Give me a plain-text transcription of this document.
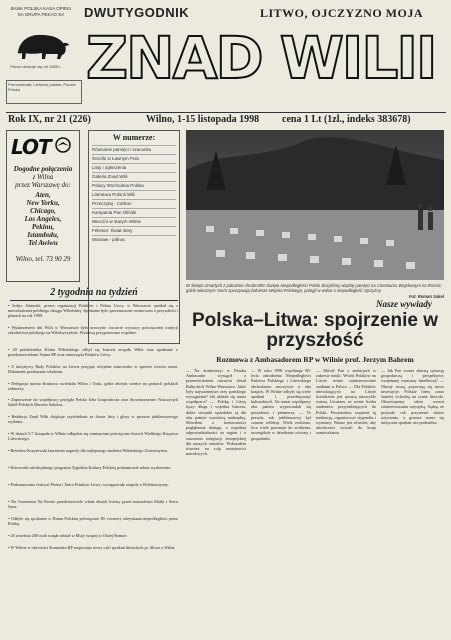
BANK POLSKA KASA OPIEKI SA GRUPA PEKAO SA
Pismo ukazuje się od 1989 r.
Prenumerata: Lietuvos paštas; Poczta Polska
DWUTYGODNIK	LITWO, OJCZYZNO MOJA
ZNAD WILII
Rok IX, nr 21 (226)	Wilno, 1-15 listopada 1998 cena 1 Lt (1zl., indeks 383678)
LOT
Dogodne połączenia
z Wilna
przez Warszawę do:
Aten,
New Yorku,
Chicago,
Los Angeles,
Pekinu,
Istambułu,
Tel Awiwu
Wilno, tel. 73 90 29
W numerze:
Równanie pamięci i szacunku
Ścieżki w Ławnym Polu
Listy i ogłoszenia
Galeria Znad Wilii
Polacy Wschodnia Polska
Literatura Polonii Wilii
Przeczytaj - Carbon
Kampania Pan Gliński
Wieczór w starym Wilnie
Felieton: Świat stary
Warsaw - północ
W Święto Zmarłych z pobożnie chrobrsthm Święta Niepodległości Polski złożyliśmy wiązkę pamięci na Cmentarzu Wojskowym na Rossie; gdzie wiecznym snem spoczywają żołnierze Wojska Polskiego, polegli w walce o niepodległość Ojczyzny.
Fot. Roman Sakel
2 tygodnia na tydzień
• Sołtys Adamski, prezes organizacji Polaków i Pełnia Litwy, w Warszawie spotkał się z mieszkańcami polskiego okręgu Wileńskiej. Spotkanie było przeznaczone rozmowom o przyszłości i planach na rok 1999.
• Wydarzeniem dni Wilii w Warszawie było uroczyste otwarcie wystawy poświęconej tradycji szkolnictwa polskiego na Wileńszczyźnie. Wystawę przygotowano wspólnie.
• 20 października Klubu Wileńskiego odbył się koncert zespołu Wilia oraz spotkanie z przedstawicielami Sejmu RP oraz samorządu Polaków Litwy.
• Z inicjatywy Rady Polaków na Litwie przyjęto oficjalne stanowisko w sprawie zwrotu ziemi. Dokument przekazano władzom.
• Delegacja miasta Krakowa zwiedziła Wilno i Troki, gdzie złożyła wieńce na grobach polskich żołnierzy.
• Zaproszenie do współpracy przyjęła Polska Izba Gospodarcza oraz Stowarzyszenie Nauczycieli Szkół Polskich Macierz Szkolna.
• Redakcja Znad Wilii dziękuje czytelnikom za liczne listy i głosy w sprawie jubileuszowego wydania.
• W dniach 5-7 listopada w Wilnie odbędzie się seminarium poświęcone historii Wielkiego Księstwa Litewskiego.
• Bolesław Krzyżewski laureatem nagrody dla najlepszego studenta Wileńskiego Uniwersytetu.
• Kierownik nieoficjalnego programu Tygodnia Kultury Polskiej podsumował udane wydarzenia.
• Podsumowano festiwal Pieśni i Tańca Polaków Litwy; występowały zespoły z Wileńszczyzny.
• Na Cmentarzu Na Rossie przedstawiciele władz złożyli kwiaty przed mauzoleum Matki i Serca Syna.
• Odbyło się spotkanie w Domu Polskim poświęcone 80. rocznicy odzyskania niepodległości przez Polskę.
• 20 września 200 osób wzięło udział w Mszy świętej w Ostrej Bramie.
• W Wilnie w obecności Konsulatu RP rozpoczęto nowy cykl spotkań literackich pt. Słowa z Wilna.
Nasze wywiady
Polska–Litwa: spojrzenie w przyszłość
Rozmowa z Ambasadorem RP w Wilnie prof. Jerzym Bahrem
— Na konferencji w Pasaku Ambasador wystąpił z przemówieniem otwarcia obrad Bałtyckich Wilno-Warszawa. Jakie były najważniejsze tezy pańskiego wystąpienia? Jak układa się nasza współpraca? — Polskę i Litwę łączy długa i wspólna historia, dobre stosunki sąsiedzkie są dla obu państw wartością nadrzędną. Mówiłem o konieczności pogłębienia dialogu, o wspólnej odpowiedzialności za region i o znaczeniu integracji europejskiej dla naszych narodów. Wskazałem również na rolę mniejszości narodowych.
— W roku 1998 wspólnego 80-lecia odrodzenia Niepodległości Państwa Polskiego i Litewskiego obchodzono uroczyście w obu krajach. W Wilnie odbyło się wiele spotkań i przedsięwzięć kulturalnych. Na temat współpracy obu państw wypowiadali się prezydenci i premierzy. — To prawda, rok jubileuszowy był czasem refleksji. Wiele zrobiono, lecz wiele pozostaje do zrobienia, szczególnie w dziedzinie oświaty i gospodarki.
— Mówił Pan o ambicjach w zakresie nauki. Wśród Polaków na Litwie rośnie zainteresowanie studiami w Polsce. — Dla Polaków mieszkających na Litwie kształcenie jest sprawą niezwykle ważną. Uważam, że rośnie liczba studentów przyjeżdżających do Polski. Powinniśmy wspierać tę tendencję, organizować stypendia i wymiany. Ważne jest również, aby absolwenci wracali do kraju zamieszkania.
— Jak Pan ocenia obecną sytuację gospodarczą i perspektywy wzajemnej wymiany handlowej? — Obroty rosną, pojawiają się nowe inwestycje. Polskie firmy coraz śmielej wchodzą na rynek litewski. Obserwujemy także wzrost zainteresowania turystyką. Sądzę, że przyszły rok przyniesie dalsze ożywienie, a granica stanie się miejscem spotkań, nie podziałów.
